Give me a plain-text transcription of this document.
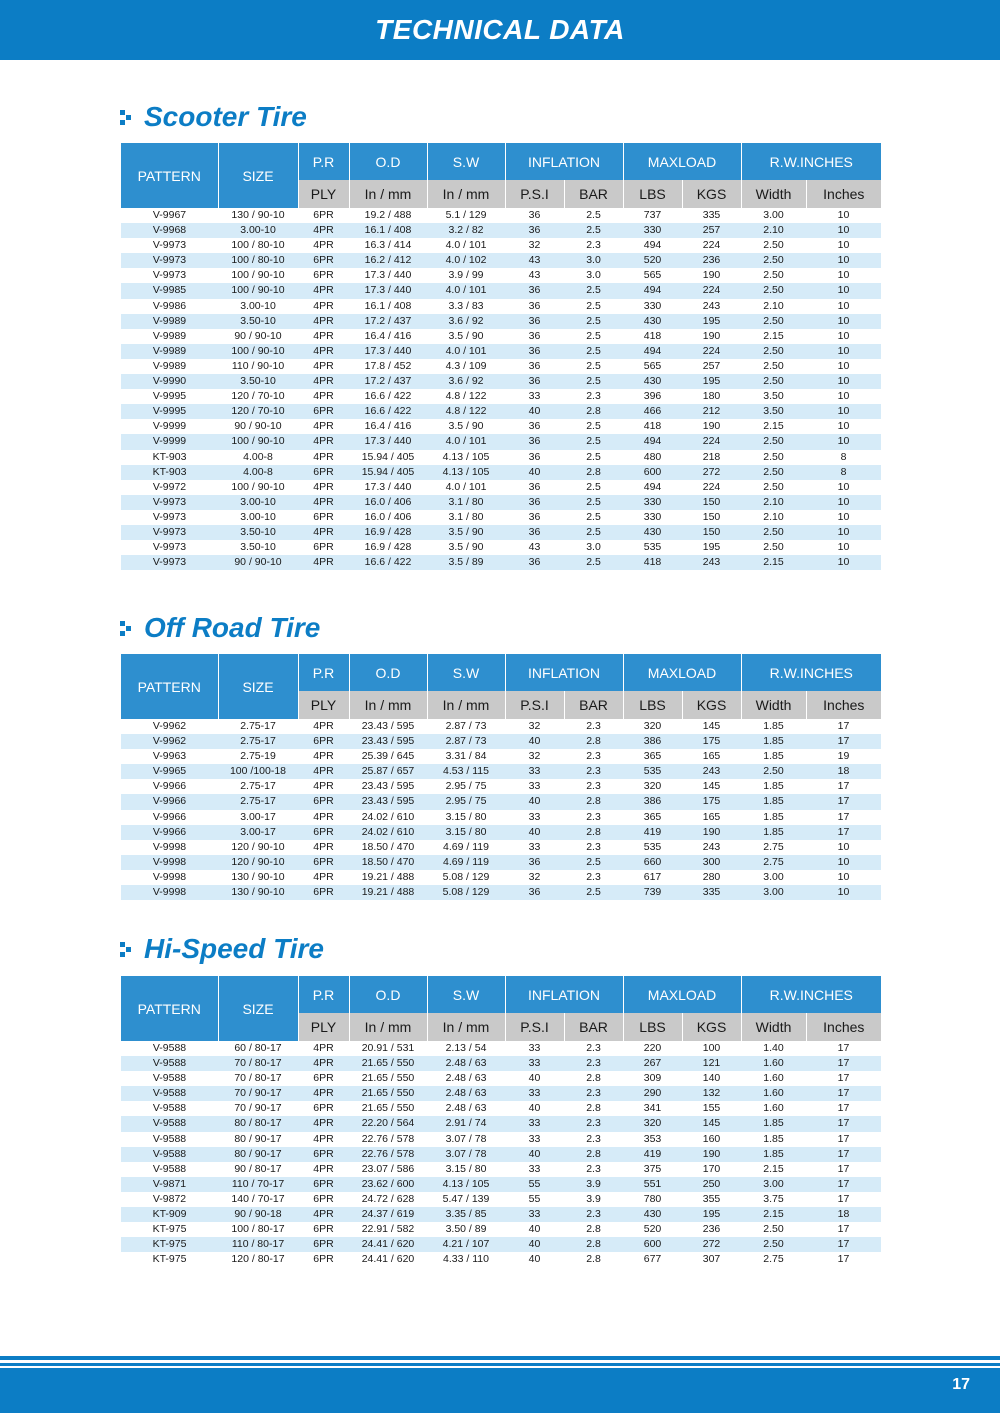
TECHNICAL DATA
Scooter Tire
PATTERN	SIZE	P.R	O.D	S.W	INFLATION		MAXLOAD		R.W.INCHES	
		PLY	In / mm	In / mm	P.S.I	BAR	LBS	KGS	Width	Inches
V-9967	130 / 90-10	6PR	19.2 / 488	5.1 / 129	36	2.5	737	335	3.00	10
V-9968	3.00-10	4PR	16.1 / 408	3.2 / 82	36	2.5	330	257	2.10	10
V-9973	100 / 80-10	4PR	16.3 / 414	4.0 / 101	32	2.3	494	224	2.50	10
V-9973	100 / 80-10	6PR	16.2 / 412	4.0 / 102	43	3.0	520	236	2.50	10
V-9973	100 / 90-10	6PR	17.3 / 440	3.9 / 99	43	3.0	565	190	2.50	10
V-9985	100 / 90-10	4PR	17.3 / 440	4.0 / 101	36	2.5	494	224	2.50	10
V-9986	3.00-10	4PR	16.1 / 408	3.3 / 83	36	2.5	330	243	2.10	10
V-9989	3.50-10	4PR	17.2 / 437	3.6 / 92	36	2.5	430	195	2.50	10
V-9989	90 / 90-10	4PR	16.4 / 416	3.5 / 90	36	2.5	418	190	2.15	10
V-9989	100 / 90-10	4PR	17.3 / 440	4.0 / 101	36	2.5	494	224	2.50	10
V-9989	110 / 90-10	4PR	17.8 / 452	4.3 / 109	36	2.5	565	257	2.50	10
V-9990	3.50-10	4PR	17.2 / 437	3.6 / 92	36	2.5	430	195	2.50	10
V-9995	120 / 70-10	4PR	16.6 / 422	4.8 / 122	33	2.3	396	180	3.50	10
V-9995	120 / 70-10	6PR	16.6 / 422	4.8 / 122	40	2.8	466	212	3.50	10
V-9999	90 / 90-10	4PR	16.4 / 416	3.5 / 90	36	2.5	418	190	2.15	10
V-9999	100 / 90-10	4PR	17.3 / 440	4.0 / 101	36	2.5	494	224	2.50	10
KT-903	4.00-8	4PR	15.94 / 405	4.13 / 105	36	2.5	480	218	2.50	8
KT-903	4.00-8	6PR	15.94 / 405	4.13 / 105	40	2.8	600	272	2.50	8
V-9972	100 / 90-10	4PR	17.3 / 440	4.0 / 101	36	2.5	494	224	2.50	10
V-9973	3.00-10	4PR	16.0 / 406	3.1 / 80	36	2.5	330	150	2.10	10
V-9973	3.00-10	6PR	16.0 / 406	3.1 / 80	36	2.5	330	150	2.10	10
V-9973	3.50-10	4PR	16.9 / 428	3.5 / 90	36	2.5	430	150	2.50	10
V-9973	3.50-10	6PR	16.9 / 428	3.5 / 90	43	3.0	535	195	2.50	10
V-9973	90 / 90-10	4PR	16.6 / 422	3.5 / 89	36	2.5	418	243	2.15	10
Off Road Tire
PATTERN	SIZE	P.R	O.D	S.W	INFLATION		MAXLOAD		R.W.INCHES	
		PLY	In / mm	In / mm	P.S.I	BAR	LBS	KGS	Width	Inches
V-9962	2.75-17	4PR	23.43 / 595	2.87 / 73	32	2.3	320	145	1.85	17
V-9962	2.75-17	6PR	23.43 / 595	2.87 / 73	40	2.8	386	175	1.85	17
V-9963	2.75-19	4PR	25.39 / 645	3.31 / 84	32	2.3	365	165	1.85	19
V-9965	100 /100-18	4PR	25.87 / 657	4.53 / 115	33	2.3	535	243	2.50	18
V-9966	2.75-17	4PR	23.43 / 595	2.95 / 75	33	2.3	320	145	1.85	17
V-9966	2.75-17	6PR	23.43 / 595	2.95 / 75	40	2.8	386	175	1.85	17
V-9966	3.00-17	4PR	24.02 / 610	3.15 / 80	33	2.3	365	165	1.85	17
V-9966	3.00-17	6PR	24.02 / 610	3.15 / 80	40	2.8	419	190	1.85	17
V-9998	120 / 90-10	4PR	18.50 / 470	4.69 / 119	33	2.3	535	243	2.75	10
V-9998	120 / 90-10	6PR	18.50 / 470	4.69 / 119	36	2.5	660	300	2.75	10
V-9998	130 / 90-10	4PR	19.21 / 488	5.08 / 129	32	2.3	617	280	3.00	10
V-9998	130 / 90-10	6PR	19.21 / 488	5.08 / 129	36	2.5	739	335	3.00	10
Hi-Speed Tire
PATTERN	SIZE	P.R	O.D	S.W	INFLATION		MAXLOAD		R.W.INCHES	
		PLY	In / mm	In / mm	P.S.I	BAR	LBS	KGS	Width	Inches
V-9588	60 / 80-17	4PR	20.91 / 531	2.13 / 54	33	2.3	220	100	1.40	17
V-9588	70 / 80-17	4PR	21.65 / 550	2.48 / 63	33	2.3	267	121	1.60	17
V-9588	70 / 80-17	6PR	21.65 / 550	2.48 / 63	40	2.8	309	140	1.60	17
V-9588	70 / 90-17	4PR	21.65 / 550	2.48 / 63	33	2.3	290	132	1.60	17
V-9588	70 / 90-17	6PR	21.65 / 550	2.48 / 63	40	2.8	341	155	1.60	17
V-9588	80 / 80-17	4PR	22.20 / 564	2.91 / 74	33	2.3	320	145	1.85	17
V-9588	80 / 90-17	4PR	22.76 / 578	3.07 / 78	33	2.3	353	160	1.85	17
V-9588	80 / 90-17	6PR	22.76 / 578	3.07 / 78	40	2.8	419	190	1.85	17
V-9588	90 / 80-17	4PR	23.07 / 586	3.15 / 80	33	2.3	375	170	2.15	17
V-9871	110 / 70-17	6PR	23.62 / 600	4.13 / 105	55	3.9	551	250	3.00	17
V-9872	140 / 70-17	6PR	24.72 / 628	5.47 / 139	55	3.9	780	355	3.75	17
KT-909	90 / 90-18	4PR	24.37 / 619	3.35 / 85	33	2.3	430	195	2.15	18
KT-975	100 / 80-17	6PR	22.91 / 582	3.50 / 89	40	2.8	520	236	2.50	17
KT-975	110 / 80-17	6PR	24.41 / 620	4.21 / 107	40	2.8	600	272	2.50	17
KT-975	120 / 80-17	6PR	24.41 / 620	4.33 / 110	40	2.8	677	307	2.75	17
17
